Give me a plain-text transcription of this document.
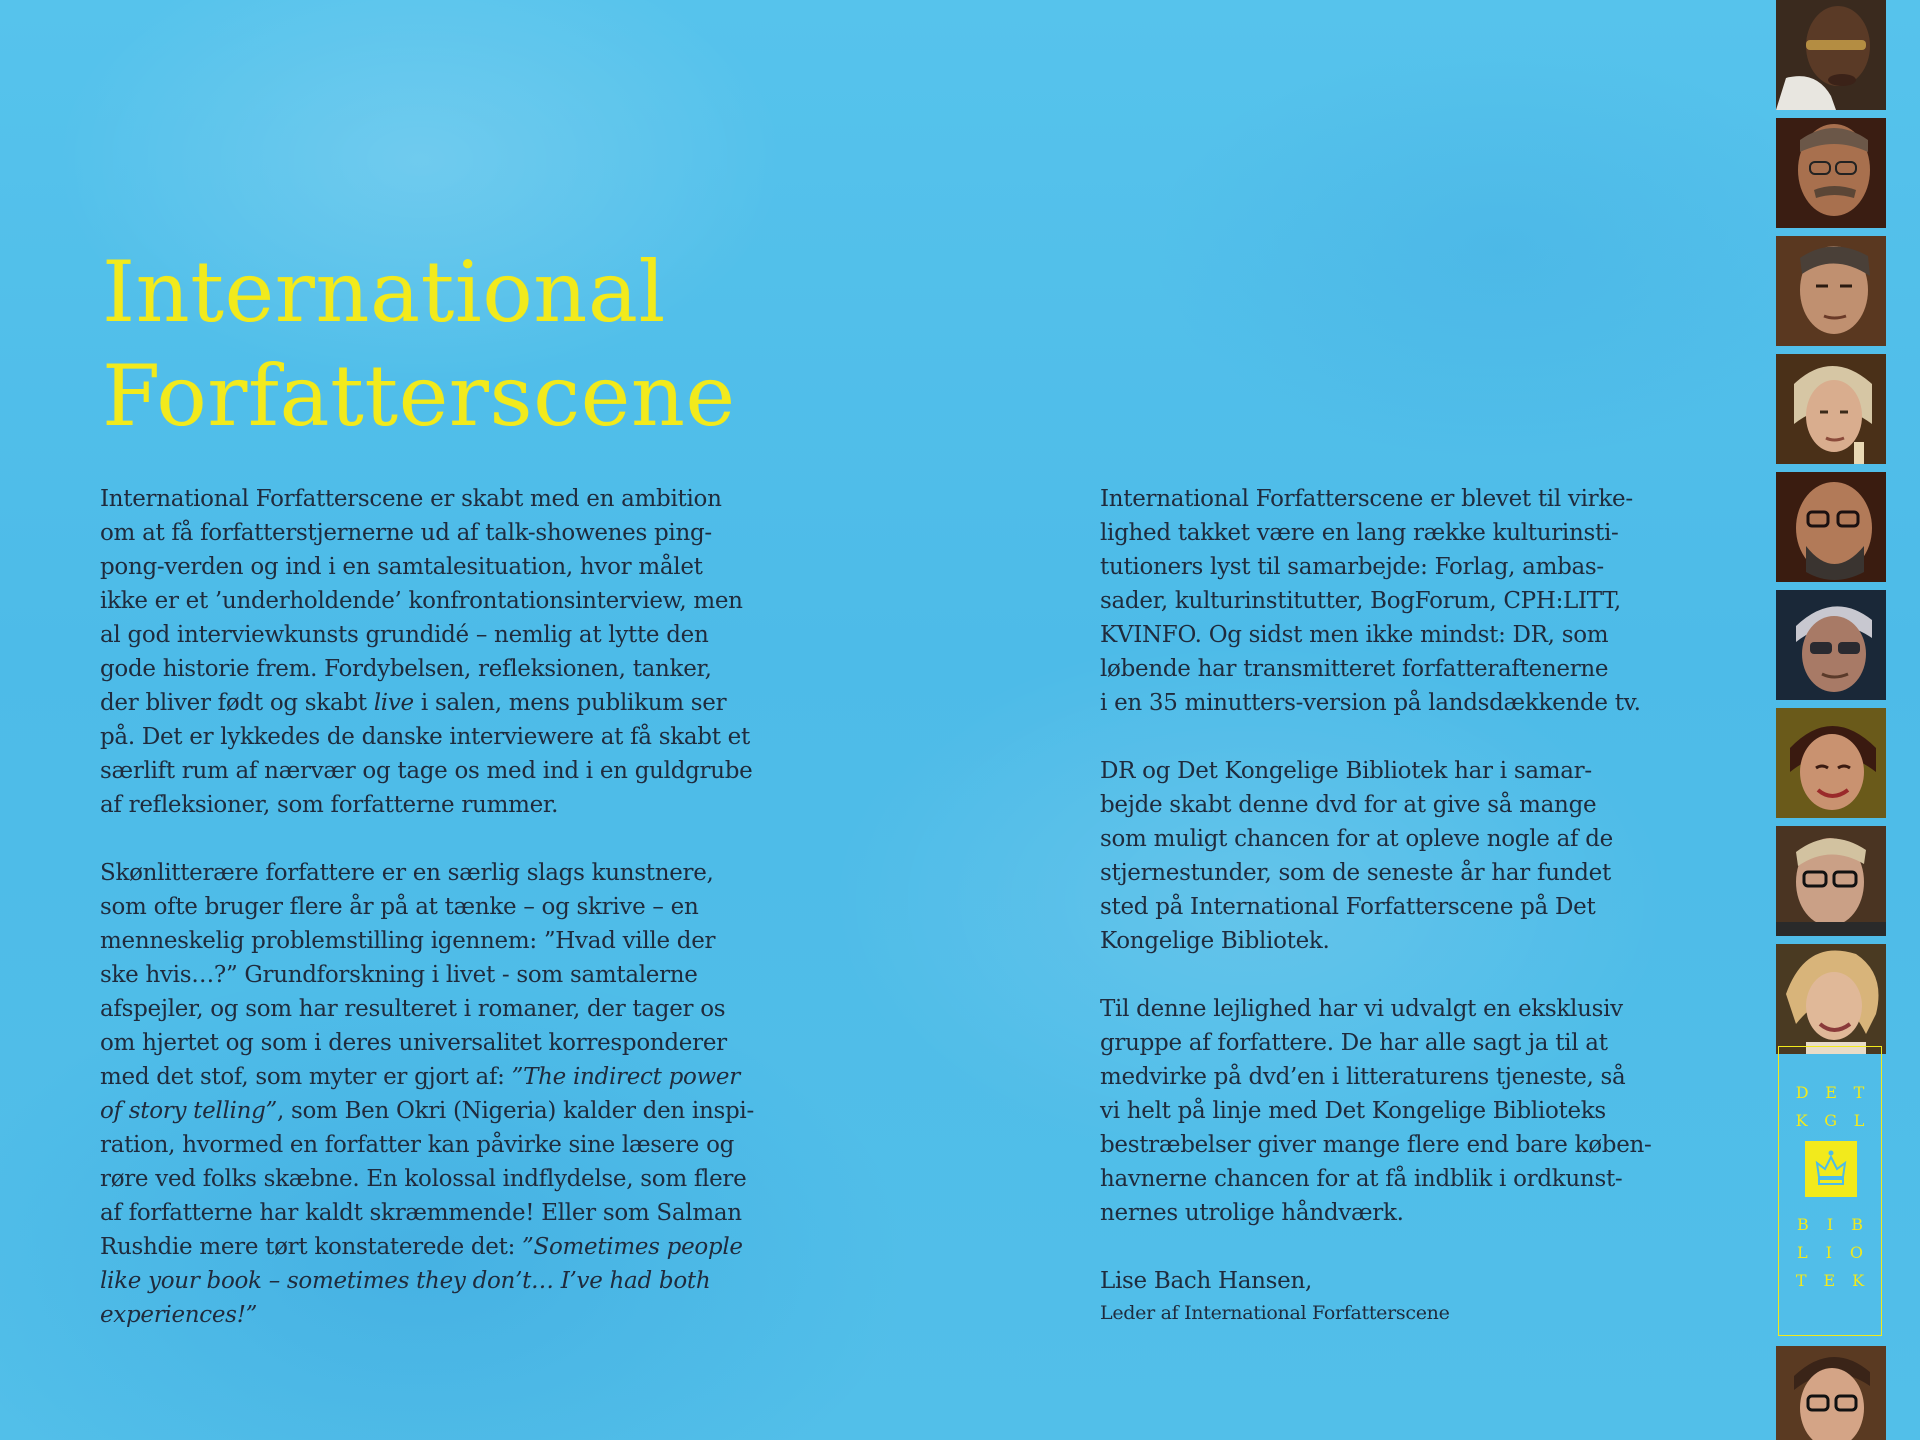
International
Forfatterscene
International Forfatterscene er skabt med en ambition
om at få forfatterstjernerne ud af talk-showenes ping-
pong-verden og ind i en samtalesituation, hvor målet
ikke er et ’underholdende’ konfrontationsinterview, men
al god interviewkunsts grundidé – nemlig at lytte den
gode historie frem. Fordybelsen, refleksionen, tanker,
der bliver født og skabt live i salen, mens publikum ser
på. Det er lykkedes de danske interviewere at få skabt et
særlift rum af nærvær og tage os med ind i en guldgrube
af refleksioner, som forfatterne rummer.
Skønlitterære forfattere er en særlig slags kunstnere,
som ofte bruger flere år på at tænke – og skrive – en
menneskelig problemstilling igennem: ”Hvad ville der
ske hvis…?” Grundforskning i livet - som samtalerne
afspejler, og som har resulteret i romaner, der tager os
om hjertet og som i deres universalitet korresponderer
med det stof, som myter er gjort af: ”The indirect power
of story telling”, som Ben Okri (Nigeria) kalder den inspi-
ration, hvormed en forfatter kan påvirke sine læsere og
røre ved folks skæbne. En kolossal indflydelse, som flere
af forfatterne har kaldt skræmmende! Eller som Salman
Rushdie mere tørt konstaterede det: ”Sometimes people
like your book – sometimes they don’t… I’ve had both
experiences!”
International Forfatterscene er blevet til virke-
lighed takket være en lang række kulturinsti-
tutioners lyst til samarbejde: Forlag, ambas-
sader, kulturinstitutter, BogForum, CPH:LITT,
KVINFO. Og sidst men ikke mindst: DR, som
løbende har transmitteret forfatteraftenerne
i en 35 minutters-version på landsdækkende tv.
DR og Det Kongelige Bibliotek har i samar-
bejde skabt denne dvd for at give så mange
som muligt chancen for at opleve nogle af de
stjernestunder, som de seneste år har fundet
sted på International Forfatterscene på Det
Kongelige Bibliotek.
Til denne lejlighed har vi udvalgt en eksklusiv
gruppe af forfattere. De har alle sagt ja til at
medvirke på dvd’en i litteraturens tjeneste, så
vi helt på linje med Det Kongelige Biblioteks
bestræbelser giver mange flere end bare køben-
havnerne chancen for at få indblik i ordkunst-
nernes utrolige håndværk.
Lise Bach Hansen,
Leder af International Forfatterscene
D E T
K G L
B I B
L I O
T E K
